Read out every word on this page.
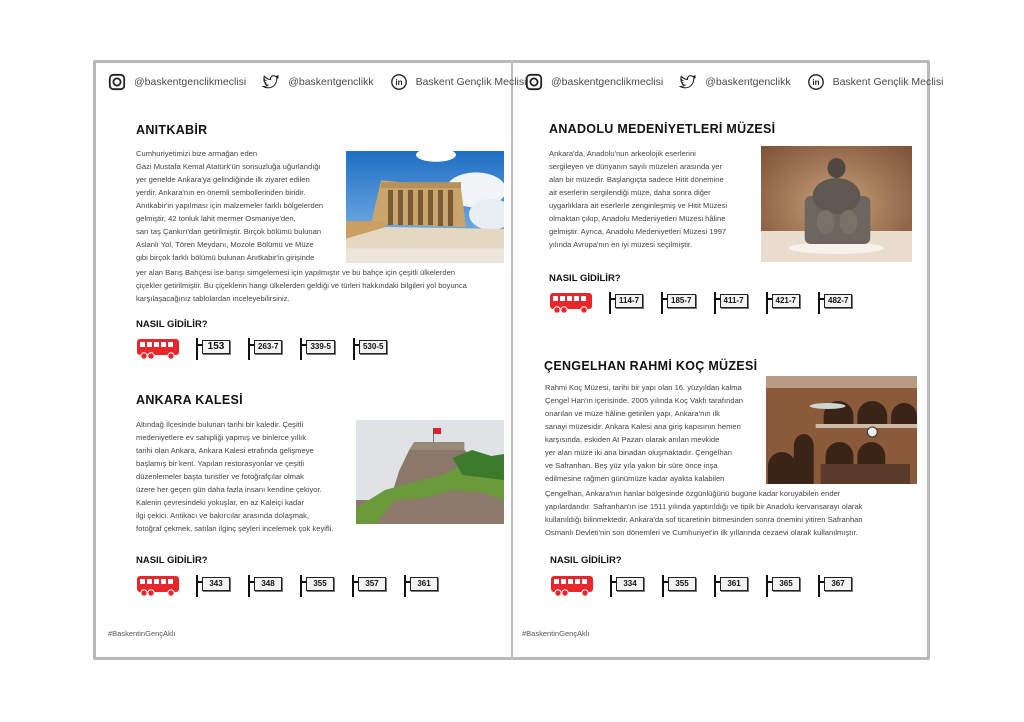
@baskentgenclikmeclisi	@baskentgenclikk in Baskent Gençlik Meclisi
ANITKABİR

Cumhuriyetimizi bize armağan eden

Gazi Mustafa Kemal Atatürk'ün sonsuzluğa uğurlandığı

yer genelde Ankara'ya gelindiğinde ilk ziyaret edilen

yerdir. Ankara'nın en önemli sembollerinden biridir.

Anıtkabir'in yapılması için malzemeler farklı bölgelerden

gelmiştir, 42 tonluk lahit mermer Osmaniye'den,

sarı taş Çankırı'dan getirilmiştir. Birçok bölümü bulunan

Aslanlı Yol, Tören Meydanı, Mozole Bölümü ve Müze

gibi birçok farklı bölümü bulunan Anıtkabir'in girişinde

yer alan Barış Bahçesi ise barışı simgelemesi için yapılmıştır ve bu bahçe için çeşitli ülkelerden

çiçekler getirilmiştir. Bu çiçeklerin hangi ülkelerden geldiği ve türleri hakkındaki bilgileri yol boyunca

karşılaşacağınız tablolardan inceleyebilirsiniz.

NASIL GİDİLİR?
153	263-7	339-5	530-5
ANKARA KALESİ

Altındağ İlçesinde bulunan tarihi bir kaledir. Çeşitli

medeniyetlere ev sahipliği yapmış ve binlerce yıllık

tarihi olan Ankara, Ankara Kalesi etrafında gelişmeye

başlamış bir kent. Yapılan restorasyonlar ve çeşitli

düzenlemeler başta turistler ve fotoğrafçılar olmak

üzere her geçen gün daha fazla insanı kendine çekiyor.

Kalenin çevresindeki yokuşlar, en az Kaleiçi kadar

ilgi çekici. Antikacı ve bakırcılar arasında dolaşmak,

fotoğraf çekmek, satılan ilginç şeyleri incelemek çok keyifli.

NASIL GİDİLİR?
343	348	355	357	361
#BaskentinGençAklı
@baskentgenclikmeclisi	@baskentgenclikk in Baskent Gençlik Meclisi
ANADOLU MEDENİYETLERİ MÜZESİ

Ankara'da, Anadolu'nun arkeolojik eserlerini

sergileyen ve dünyanın sayılı müzeleri arasında yer

alan bir müzedir. Başlangıçta sadece Hitit dönemine

ait eserlerin sergilendiği müze, daha sonra diğer

uygarlıklara ait eserlerle zenginleşmiş ve Hitit Müzesi

olmaktan çıkıp, Anadolu Medeniyetleri Müzesi hâline

gelmiştir. Ayrıca, Anadolu Medeniyetleri Müzesi 1997

yılında Avrupa'nın en iyi müzesi seçilmiştir.

NASIL GİDİLİR?
114-7	185-7	411-7	421-7	482-7
ÇENGELHAN RAHMİ KOÇ MÜZESİ

Rahmi Koç Müzesi, tarihi bir yapı olan 16. yüzyıldan kalma

Çengel Han'ın içerisinde. 2005 yılında Koç Vakfı tarafından

onarılan ve müze hâline getirilen yapı, Ankara'nın ilk

sanayi müzesidir. Ankara Kalesi ana giriş kapısının hemen

karşısında, eskiden At Pazarı olarak anılan mevkide

yer alan müze iki ana binadan oluşmaktadır. Çengelhan

ve Safranhan. Beş yüz yıla yakın bir süre önce inşa

edilmesine rağmen günümüze kadar ayakta kalabilen

Çengelhan, Ankara'nın hanlar bölgesinde özgünlüğünü bugüne kadar koruyabilen ender

yapılardandır. Safranhan'ın ise 1511 yılında yaptırıldığı ve tipik bir Anadolu kervansarayı olarak

kullanıldığı bilinmektedir. Ankara'da sof ticaretinin bitmesinden sonra önemini yitiren Safranhan

Osmanlı Devleti'nin son dönemleri ve Cumhuriyet'in ilk yıllarında cezaevi olarak kullanılmıştır.

NASIL GİDİLİR?
334	355	361	365	367
#BaskentinGençAklı
